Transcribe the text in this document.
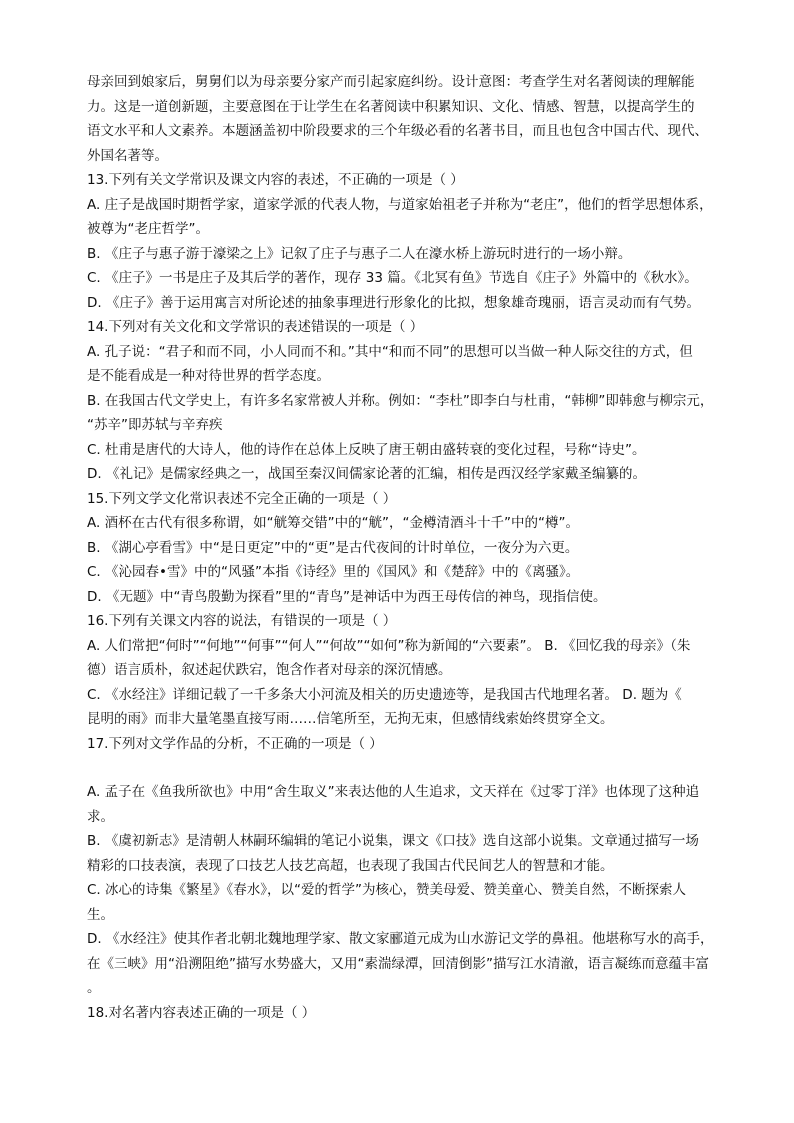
母亲回到娘家后，舅舅们以为母亲要分家产而引起家庭纠纷。设计意图：考查学生对名著阅读的理解能
力。这是一道创新题，主要意图在于让学生在名著阅读中积累知识、文化、情感、智慧，以提高学生的
语文水平和人文素养。本题涵盖初中阶段要求的三个年级必看的名著书目，而且也包含中国古代、现代、
外国名著等。
13.下列有关文学常识及课文内容的表述，不正确的一项是（ ）
A. 庄子是战国时期哲学家，道家学派的代表人物，与道家始祖老子并称为“老庄”，他们的哲学思想体系，
被尊为“老庄哲学”。
B. 《庄子与惠子游于濠梁之上》记叙了庄子与惠子二人在濠水桥上游玩时进行的一场小辩。
C. 《庄子》一书是庄子及其后学的著作，现存 33 篇。《北冥有鱼》节选自《庄子》外篇中的《秋水》。
D. 《庄子》善于运用寓言对所论述的抽象事理进行形象化的比拟，想象雄奇瑰丽，语言灵动而有气势。
14.下列对有关文化和文学常识的表述错误的一项是（ ）
A. 孔子说：“君子和而不同，小人同而不和。”其中“和而不同”的思想可以当做一种人际交往的方式，但
是不能看成是一种对待世界的哲学态度。
B. 在我国古代文学史上，有许多名家常被人并称。例如：“李杜”即李白与杜甫，“韩柳”即韩愈与柳宗元，
“苏辛”即苏轼与辛弃疾
C. 杜甫是唐代的大诗人，他的诗作在总体上反映了唐王朝由盛转衰的变化过程，号称“诗史”。
D. 《礼记》是儒家经典之一，战国至秦汉间儒家论著的汇编，相传是西汉经学家戴圣编纂的。
15.下列文学文化常识表述不完全正确的一项是（ ）
A. 酒杯在古代有很多称谓，如“觥筹交错”中的“觥”，“金樽清酒斗十千”中的“樽”。
B. 《湖心亭看雪》中“是日更定”中的“更”是古代夜间的计时单位，一夜分为六更。
C. 《沁园春•雪》中的“风骚”本指《诗经》里的《国风》和《楚辞》中的《离骚》。
D. 《无题》中“青鸟殷勤为探看”里的“青鸟”是神话中为西王母传信的神鸟，现指信使。
16.下列有关课文内容的说法，有错误的一项是（ ）
A. 人们常把“何时”“何地”“何事”“何人”“何故”“如何”称为新闻的“六要素”。 B. 《回忆我的母亲》（朱
德）语言质朴，叙述起伏跌宕，饱含作者对母亲的深沉情感。
C. 《水经注》详细记载了一千多条大小河流及相关的历史遗迹等，是我国古代地理名著。 D. 题为《
昆明的雨》而非大量笔墨直接写雨……信笔所至，无拘无束，但感情线索始终贯穿全文。
17.下列对文学作品的分析，不正确的一项是（ ）
A. 孟子在《鱼我所欲也》中用“舍生取义”来表达他的人生追求，文天祥在《过零丁洋》也体现了这种追
求。
B. 《虞初新志》是清朝人林嗣环编辑的笔记小说集，课文《口技》选自这部小说集。文章通过描写一场
精彩的口技表演，表现了口技艺人技艺高超，也表现了我国古代民间艺人的智慧和才能。
C. 冰心的诗集《繁星》《春水》，以“爱的哲学”为核心，赞美母爱、赞美童心、赞美自然，不断探索人
生。
D. 《水经注》使其作者北朝北魏地理学家、散文家郦道元成为山水游记文学的鼻祖。他堪称写水的高手，
在《三峡》用“沿溯阻绝”描写水势盛大，又用“素湍绿潭，回清倒影”描写江水清澈，语言凝练而意蕴丰富
。
18.对名著内容表述正确的一项是（ ）
